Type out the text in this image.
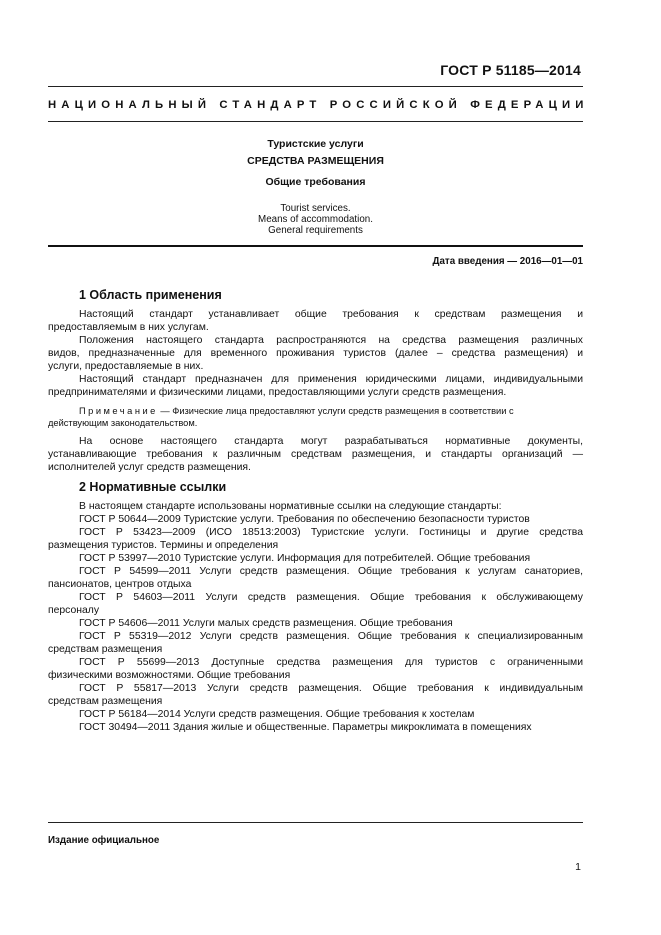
ГОСТ Р 51185—2014
НАЦИОНАЛЬНЫЙ СТАНДАРТ РОССИЙСКОЙ ФЕДЕРАЦИИ
Туристские услуги
СРЕДСТВА РАЗМЕЩЕНИЯ
Общие требования
Tourist services.
Means of accommodation.
General requirements
Дата введения — 2016—01—01
1 Область применения
Настоящий стандарт устанавливает общие требования к средствам размещения и
предоставляемым в них услугам.
Положения настоящего стандарта распространяются на средства размещения различных
видов, предназначенные для временного проживания туристов (далее – средства размещения) и
услуги, предоставляемые в них.
Настоящий стандарт предназначен для применения юридическими лицами, индивидуальными
предпринимателями и физическими лицами, предоставляющими услуги средств размещения.
Примечание — Физические лица предоставляют услуги средств размещения в соответствии с
действующим законодательством.
На основе настоящего стандарта могут разрабатываться нормативные документы,
устанавливающие требования к различным средствам размещения, и стандарты организаций —
исполнителей услуг средств размещения.
2 Нормативные ссылки
В настоящем стандарте использованы нормативные ссылки на следующие стандарты:
ГОСТ Р 50644—2009 Туристские услуги. Требования по обеспечению безопасности туристов
ГОСТ Р 53423—2009 (ИСО 18513:2003) Туристские услуги. Гостиницы и другие средства
размещения туристов. Термины и определения
ГОСТ Р 53997—2010 Туристские услуги. Информация для потребителей. Общие требования
ГОСТ Р 54599—2011 Услуги средств размещения. Общие требования к услугам санаториев,
пансионатов, центров отдыха
ГОСТ Р 54603—2011 Услуги средств размещения. Общие требования к обслуживающему
персоналу
ГОСТ Р 54606—2011 Услуги малых средств размещения. Общие требования
ГОСТ Р 55319—2012 Услуги средств размещения. Общие требования к специализированным
средствам размещения
ГОСТ Р 55699—2013 Доступные средства размещения для туристов с ограниченными
физическими возможностями. Общие требования
ГОСТ Р 55817—2013 Услуги средств размещения. Общие требования к индивидуальным
средствам размещения
ГОСТ Р 56184—2014 Услуги средств размещения. Общие требования к хостелам
ГОСТ 30494—2011 Здания жилые и общественные. Параметры микроклимата в помещениях
Издание официальное
1
